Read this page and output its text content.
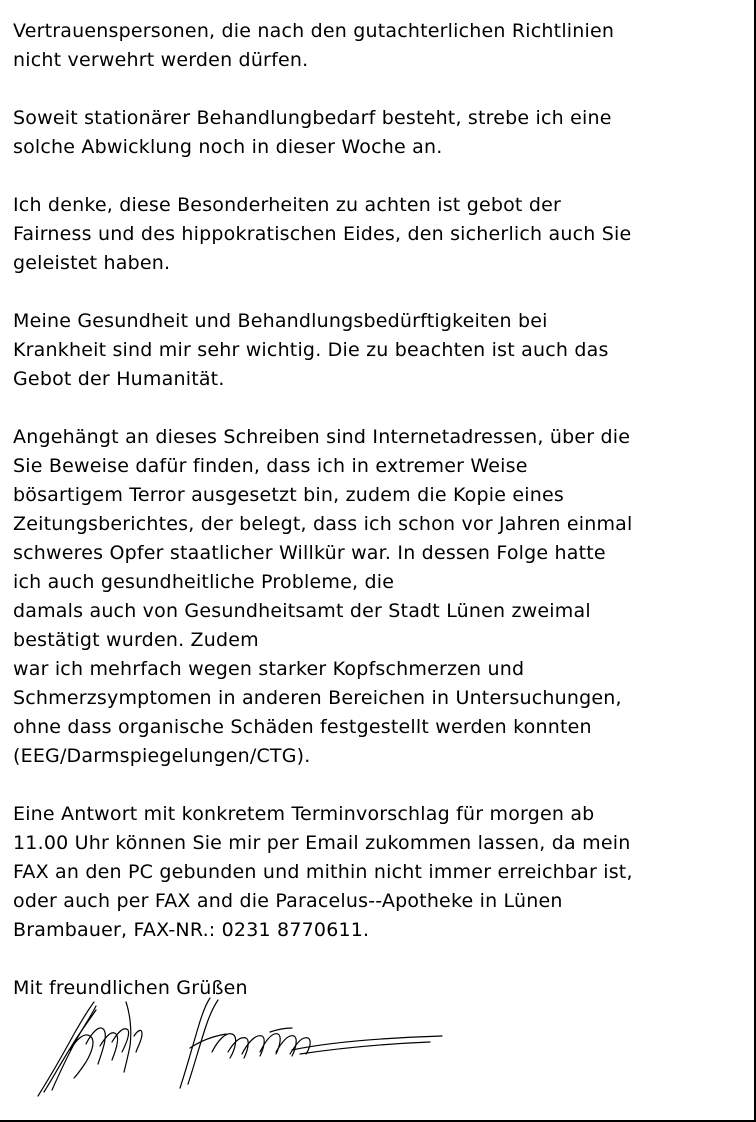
Vertrauenspersonen, die nach den gutachterlichen Richtlinien
nicht verwehrt werden dürfen.
Soweit stationärer Behandlungbedarf besteht, strebe ich eine
solche Abwicklung noch in dieser Woche an.
Ich denke, diese Besonderheiten zu achten ist gebot der
Fairness und des hippokratischen Eides, den sicherlich auch Sie
geleistet haben.
Meine Gesundheit und Behandlungsbedürftigkeiten bei
Krankheit sind mir sehr wichtig. Die zu beachten ist auch das
Gebot der Humanität.
Angehängt an dieses Schreiben sind Internetadressen, über die
Sie Beweise dafür finden, dass ich in extremer Weise
bösartigem Terror ausgesetzt bin, zudem die Kopie eines
Zeitungsberichtes, der belegt, dass ich schon vor Jahren einmal
schweres Opfer staatlicher Willkür war. In dessen Folge hatte
ich auch gesundheitliche Probleme, die
damals auch von Gesundheitsamt der Stadt Lünen zweimal
bestätigt wurden. Zudem
war ich mehrfach wegen starker Kopfschmerzen und
Schmerzsymptomen in anderen Bereichen in Untersuchungen,
ohne dass organische Schäden festgestellt werden konnten
(EEG/Darmspiegelungen/CTG).
Eine Antwort mit konkretem Terminvorschlag für morgen ab
11.00 Uhr können Sie mir per Email zukommen lassen, da mein
FAX an den PC gebunden und mithin nicht immer erreichbar ist,
oder auch per FAX and die Paracelus--Apotheke in Lünen
Brambauer, FAX-NR.: 0231 8770611.
Mit freundlichen Grüßen
